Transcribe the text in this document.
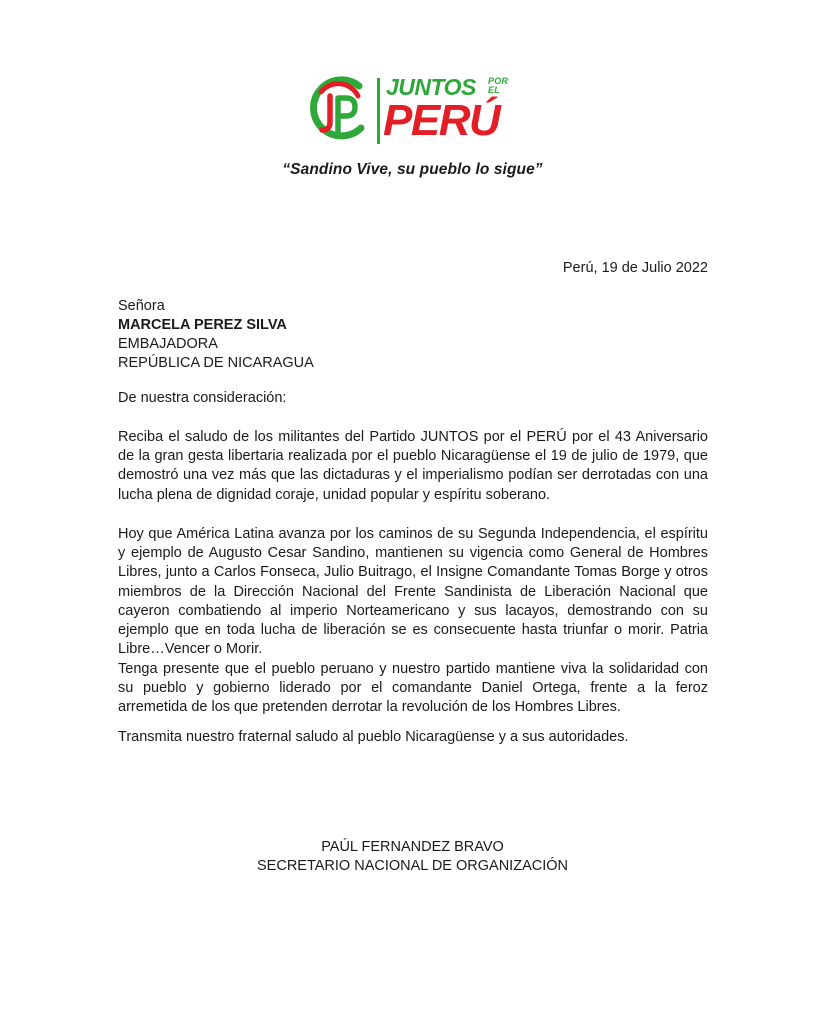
JUNTOS POR
EL
PERÚ
“Sandino Vive, su pueblo lo sigue”
Perú, 19 de Julio 2022
Señora
MARCELA PEREZ SILVA
EMBAJADORA
REPÚBLICA DE NICARAGUA
De nuestra consideración:
Reciba el saludo de los militantes del Partido JUNTOS por el PERÚ por el 43 Aniversario de la gran gesta libertaria realizada por el pueblo Nicaragüense el 19 de julio de 1979, que demostró una vez más que las dictaduras y el imperialismo podían ser derrotadas con una lucha plena de dignidad coraje, unidad popular y espíritu soberano.
Hoy que América Latina avanza por los caminos de su Segunda Independencia, el espíritu y ejemplo de Augusto Cesar Sandino, mantienen su vigencia como General de Hombres Libres, junto a Carlos Fonseca, Julio Buitrago, el Insigne Comandante Tomas Borge y otros miembros de la Dirección Nacional del Frente Sandinista de Liberación Nacional que cayeron combatiendo al imperio Norteamericano y sus lacayos, demostrando con su ejemplo que en toda lucha de liberación se es consecuente hasta triunfar o morir. Patria Libre…Vencer o Morir.
Tenga presente que el pueblo peruano y nuestro partido mantiene viva la solidaridad con su pueblo y gobierno liderado por el comandante Daniel Ortega, frente a la feroz arremetida de los que pretenden derrotar la revolución de los Hombres Libres.
Transmita nuestro fraternal saludo al pueblo Nicaragüense y a sus autoridades.
PAÚL FERNANDEZ BRAVO
SECRETARIO NACIONAL DE ORGANIZACIÓN
